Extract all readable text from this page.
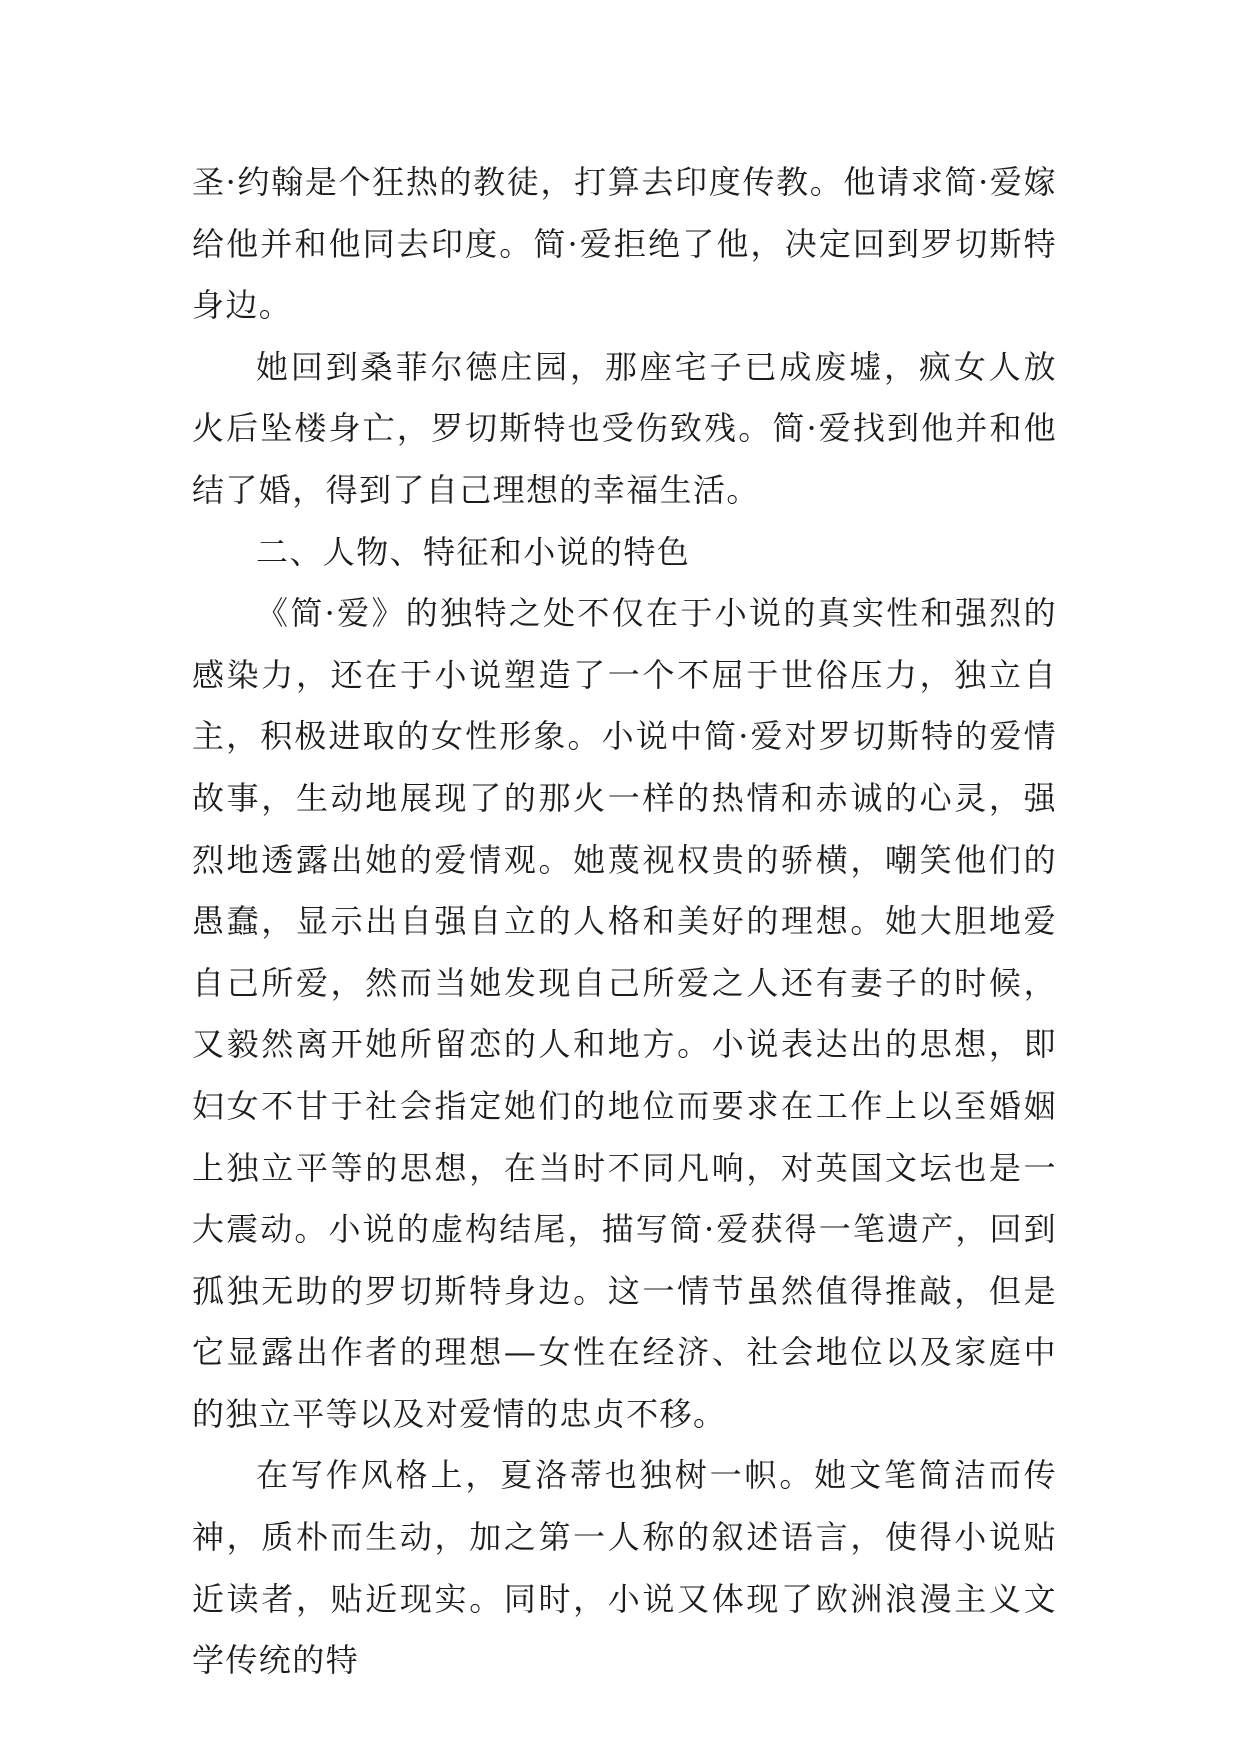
圣·约翰是个狂热的教徒，打算去印度传教。他请求简·爱嫁给他并和他同去印度。简·爱拒绝了他，决定回到罗切斯特身边。

她回到桑菲尔德庄园，那座宅子已成废墟，疯女人放火后坠楼身亡，罗切斯特也受伤致残。简·爱找到他并和他结了婚，得到了自己理想的幸福生活。

二、人物、特征和小说的特色

《简·爱》的独特之处不仅在于小说的真实性和强烈的感染力，还在于小说塑造了一个不屈于世俗压力，独立自主，积极进取的女性形象。小说中简·爱对罗切斯特的爱情故事，生动地展现了的那火一样的热情和赤诚的心灵，强烈地透露出她的爱情观。她蔑视权贵的骄横，嘲笑他们的愚蠢，显示出自强自立的人格和美好的理想。她大胆地爱自己所爱，然而当她发现自己所爱之人还有妻子的时候，又毅然离开她所留恋的人和地方。小说表达出的思想，即妇女不甘于社会指定她们的地位而要求在工作上以至婚姻上独立平等的思想，在当时不同凡响，对英国文坛也是一大震动。小说的虚构结尾，描写简·爱获得一笔遗产，回到孤独无助的罗切斯特身边。这一情节虽然值得推敲，但是它显露出作者的理想—女性在经济、社会地位以及家庭中的独立平等以及对爱情的忠贞不移。

在写作风格上，夏洛蒂也独树一帜。她文笔简洁而传神，质朴而生动，加之第一人称的叙述语言，使得小说贴近读者，贴近现实。同时，小说又体现了欧洲浪漫主义文学传统的特
